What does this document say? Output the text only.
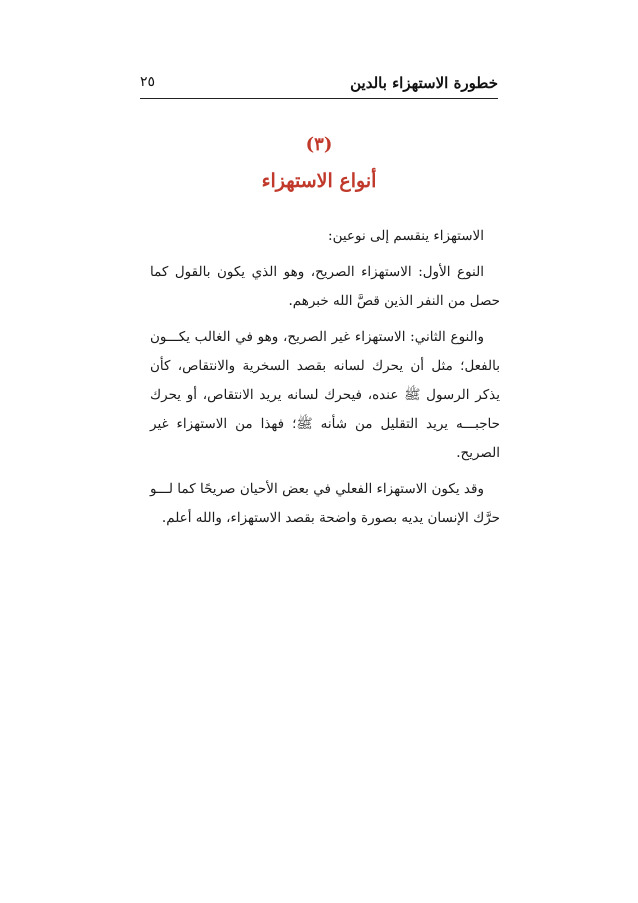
خطورة الاستهزاء بالدين
٢٥
(٣)
أنواع الاستهزاء

الاستهزاء ينقسم إلى نوعين:

النوع الأول: الاستهزاء الصريح، وهو الذي يكون بالقول كما حصل من النفر الذين قصَّ الله خبرهم.

والنوع الثاني: الاستهزاء غير الصريح، وهو في الغالب يكـــون بالفعل؛ مثل أن يحرك لسانه بقصد السخرية والانتقاص، كأن يذكر الرسول ﷺ عنده، فيحرك لسانه يريد الانتقاص، أو يحرك حاجبـــه يريد التقليل من شأنه ﷺ؛ فهذا من الاستهزاء غير الصريح.

وقد يكون الاستهزاء الفعلي في بعض الأحيان صريحًا كما لـــو حرَّك الإنسان يديه بصورة واضحة بقصد الاستهزاء، والله أعلم.
